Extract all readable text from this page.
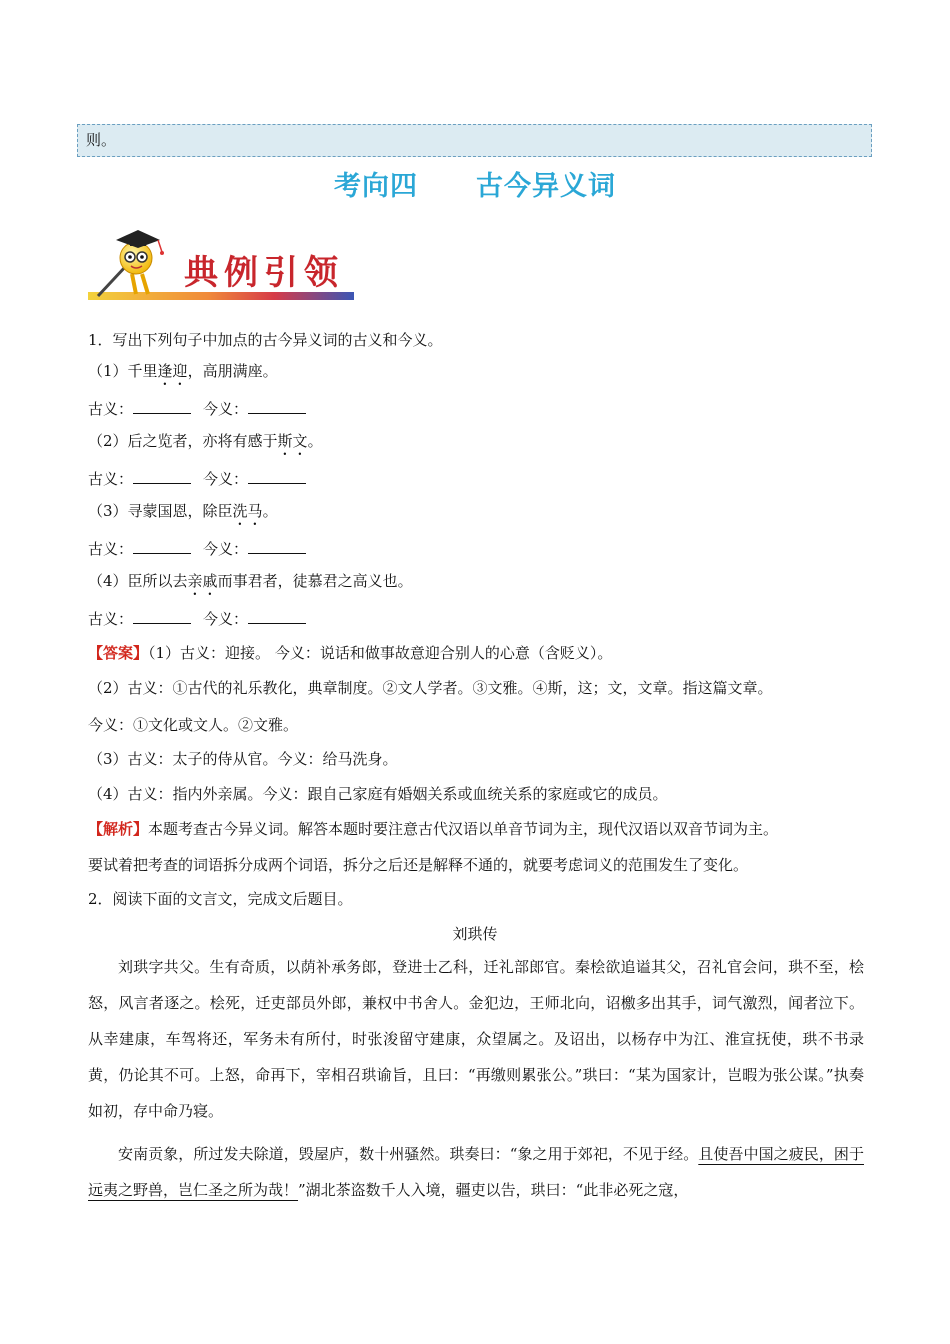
则。
考向四 古今异义词
典例引领
1．写出下列句子中加点的古今异义词的古义和今义。
（1）千里逢迎，高朋满座。
古义：	今义：
（2）后之览者，亦将有感于斯文。
古义：	今义：
（3）寻蒙国恩，除臣洗马。
古义：	今义：
（4）臣所以去亲戚而事君者，徒慕君之高义也。
古义：	今义：
【答案】（1）古义：迎接。 今义：说话和做事故意迎合别人的心意（含贬义）。
（2）古义：①古代的礼乐教化，典章制度。②文人学者。③文雅。④斯，这；文，文章。指这篇文章。
今义：①文化或文人。②文雅。
（3）古义：太子的侍从官。今义：给马洗身。
（4）古义：指内外亲属。今义：跟自己家庭有婚姻关系或血统关系的家庭或它的成员。
【解析】本题考查古今异义词。解答本题时要注意古代汉语以单音节词为主，现代汉语以双音节词为主。
要试着把考查的词语拆分成两个词语，拆分之后还是解释不通的，就要考虑词义的范围发生了变化。
2．阅读下面的文言文，完成文后题目。
刘珙传
刘珙字共父。生有奇质，以荫补承务郎，登进士乙科，迁礼部郎官。秦桧欲追谥其父，召礼官会问，珙不至，桧怒，风言者逐之。桧死，迁吏部员外郎，兼权中书舍人。金犯边，王师北向，诏檄多出其手，词气激烈，闻者泣下。从幸建康，车驾将还，军务未有所付，时张浚留守建康，众望属之。及诏出，以杨存中为江、淮宣抚使，珙不书录黄，仍论其不可。上怒，命再下，宰相召珙谕旨，且曰：“再缴则累张公。”珙曰：“某为国家计，岂暇为张公谋。”执奏如初，存中命乃寝。
安南贡象，所过发夫除道，毁屋庐，数十州骚然。珙奏曰：“象之用于郊祀，不见于经。且使吾中国之疲民，困于远夷之野兽，岂仁圣之所为哉！”湖北茶盗数千人入境，疆吏以告，珙曰：“此非必死之寇，
